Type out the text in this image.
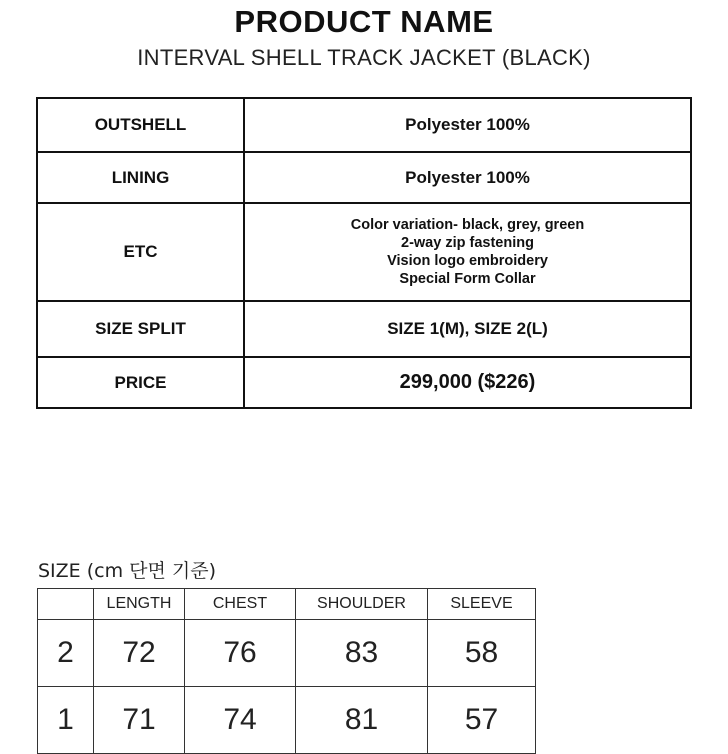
PRODUCT NAME
INTERVAL SHELL TRACK JACKET (BLACK)
OUTSHELL	Polyester 100%
LINING	Polyester 100%
ETC	Color variation- black, grey, green
2-way zip fastening
Vision logo embroidery
Special Form Collar

SIZE SPLIT	SIZE 1(M), SIZE 2(L)
PRICE	299,000 ($226)
SIZE (cm 단면 기준)
	LENGTH	CHEST	SHOULDER	SLEEVE
2	72	76	83	58
1	71	74	81	57
